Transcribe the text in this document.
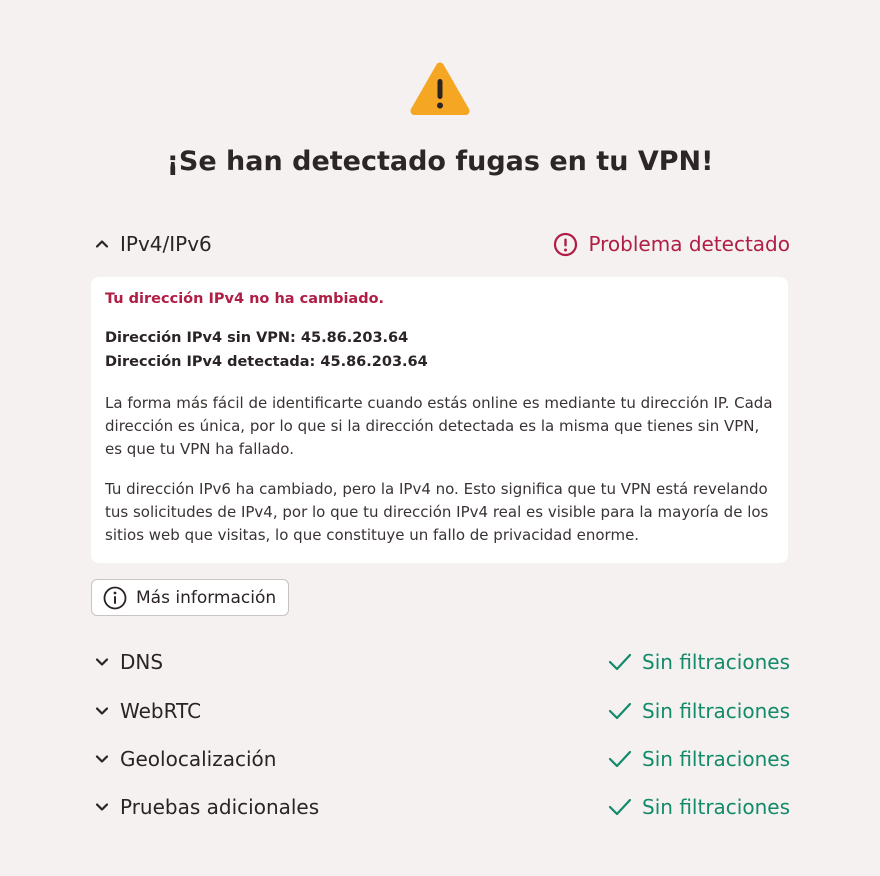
¡Se han detectado fugas en tu VPN!
IPv4/IPv6	Problema detectado

Tu dirección IPv4 no ha cambiado.

Dirección IPv4 sin VPN: 45.86.203.64

Dirección IPv4 detectada: 45.86.203.64

La forma más fácil de identificarte cuando estás online es mediante tu dirección IP. Cada dirección es única, por lo que si la dirección detectada es la misma que tienes sin VPN, es que tu VPN ha fallado.

Tu dirección IPv6 ha cambiado, pero la IPv4 no. Esto significa que tu VPN está revelando tus solicitudes de IPv4, por lo que tu dirección IPv4 real es visible para la mayoría de los sitios web que visitas, lo que constituye un fallo de privacidad enorme.

Más información
DNS	Sin filtraciones
WebRTC	Sin filtraciones
Geolocalización	Sin filtraciones
Pruebas adicionales	Sin filtraciones
